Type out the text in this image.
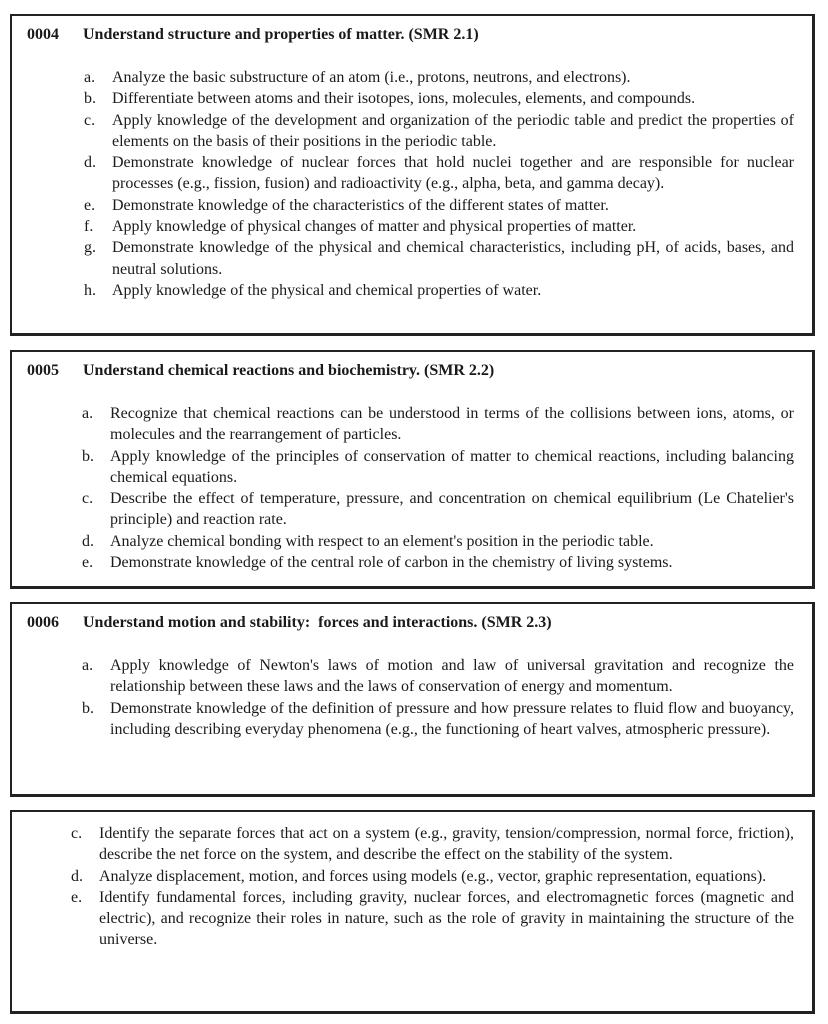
0004 Understand structure and properties of matter. (SMR 2.1)
a. Analyze the basic substructure of an atom (i.e., protons, neutrons, and electrons).
b. Differentiate between atoms and their isotopes, ions, molecules, elements, and compounds.
c. Apply knowledge of the development and organization of the periodic table and predict the properties of elements on the basis of their positions in the periodic table.
d. Demonstrate knowledge of nuclear forces that hold nuclei together and are responsible for nuclear processes (e.g., fission, fusion) and radioactivity (e.g., alpha, beta, and gamma decay).
e. Demonstrate knowledge of the characteristics of the different states of matter.
f. Apply knowledge of physical changes of matter and physical properties of matter.
g. Demonstrate knowledge of the physical and chemical characteristics, including pH, of acids, bases, and neutral solutions.
h. Apply knowledge of the physical and chemical properties of water.
0005 Understand chemical reactions and biochemistry. (SMR 2.2)
a. Recognize that chemical reactions can be understood in terms of the collisions between ions, atoms, or molecules and the rearrangement of particles.
b. Apply knowledge of the principles of conservation of matter to chemical reactions, including balancing chemical equations.
c. Describe the effect of temperature, pressure, and concentration on chemical equilibrium (Le Chatelier's principle) and reaction rate.
d. Analyze chemical bonding with respect to an element's position in the periodic table.
e. Demonstrate knowledge of the central role of carbon in the chemistry of living systems.
0006 Understand motion and stability:  forces and interactions. (SMR 2.3)
a. Apply knowledge of Newton's laws of motion and law of universal gravitation and recognize the relationship between these laws and the laws of conservation of energy and momentum.
b. Demonstrate knowledge of the definition of pressure and how pressure relates to fluid flow and buoyancy, including describing everyday phenomena (e.g., the functioning of heart valves, atmospheric pressure).
c. Identify the separate forces that act on a system (e.g., gravity, tension/compression, normal force, friction), describe the net force on the system, and describe the effect on the stability of the system.
d. Analyze displacement, motion, and forces using models (e.g., vector, graphic representation, equations).
e. Identify fundamental forces, including gravity, nuclear forces, and electromagnetic forces (magnetic and electric), and recognize their roles in nature, such as the role of gravity in maintaining the structure of the universe.
